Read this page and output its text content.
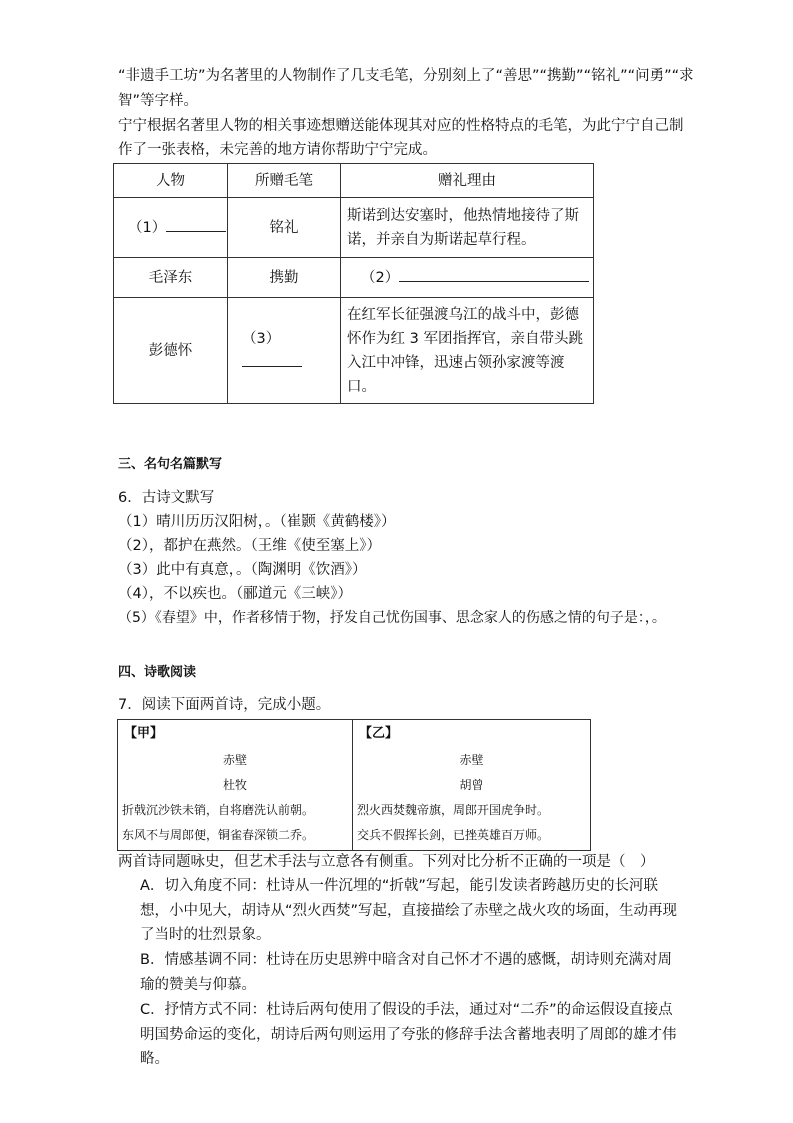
“非遗手工坊”为名著里的人物制作了几支毛笔，分别刻上了“善思”“携勤”“铭礼”“问勇”“求
智”等字样。
宁宁根据名著里人物的相关事迹想赠送能体现其对应的性格特点的毛笔，为此宁宁自己制
作了一张表格，未完善的地方请你帮助宁宁完成。
人物	所赠毛笔	赠礼理由
（1）	铭礼	斯诺到达安塞时，他热情地接待了斯诺，并亲自为斯诺起草行程。
毛泽东	携勤	（2）
彭德怀	（3）	在红军长征强渡乌江的战斗中，彭德怀作为红 3 军团指挥官，亲自带头跳入江中冲锋，迅速占领孙家渡等渡口。
三、名句名篇默写
6．古诗文默写
（1）晴川历历汉阳树，。（崔颢《黄鹤楼》）
（2），都护在燕然。（王维《使至塞上》）
（3）此中有真意，。（陶渊明《饮酒》）
（4），不以疾也。（郦道元《三峡》）
（5）《春望》中，作者移情于物，抒发自己忧伤国事、思念家人的伤感之情的句子是：，。
四、诗歌阅读
7．阅读下面两首诗，完成小题。
【甲】
赤壁
杜牧
折戟沉沙铁未销，自将磨洗认前朝。
东风不与周郎便，铜雀春深锁二乔。

【乙】
赤壁
胡曾
烈火西焚魏帝旗，周郎开国虎争时。
交兵不假挥长剑，已挫英雄百万师。
两首诗同题咏史，但艺术手法与立意各有侧重。下列对比分析不正确的一项是（　）
A．切入角度不同：杜诗从一件沉埋的“折戟”写起，能引发读者跨越历史的长河联想，小中见大，胡诗从“烈火西焚”写起，直接描绘了赤壁之战火攻的场面，生动再现了当时的壮烈景象。
B．情感基调不同：杜诗在历史思辨中暗含对自己怀才不遇的感慨，胡诗则充满对周瑜的赞美与仰慕。
C．抒情方式不同：杜诗后两句使用了假设的手法，通过对“二乔”的命运假设直接点明国势命运的变化，胡诗后两句则运用了夸张的修辞手法含蓄地表明了周郎的雄才伟略。
